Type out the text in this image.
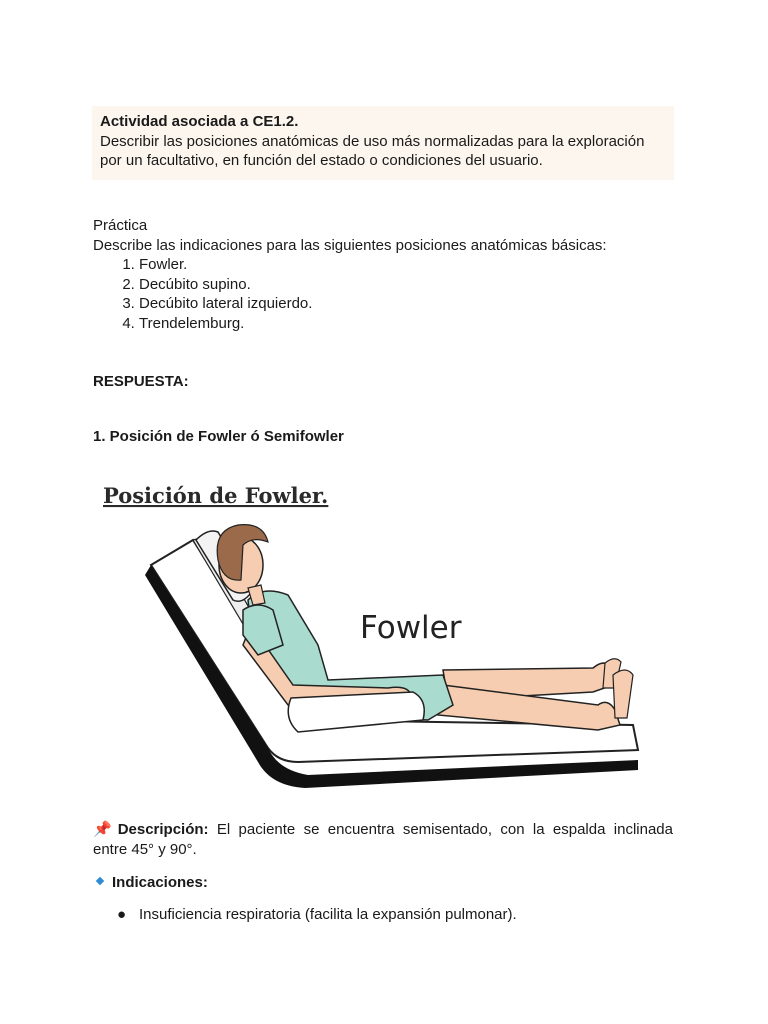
Actividad asociada a CE1.2.
Describir las posiciones anatómicas de uso más normalizadas para la exploración por un facultativo, en función del estado o condiciones del usuario.
Práctica
Describe las indicaciones para las siguientes posiciones anatómicas básicas:
1. Fowler.
2. Decúbito supino.
3. Decúbito lateral izquierdo.
4. Trendelemburg.
RESPUESTA:
1. Posición de Fowler ó Semifowler
Posición de Fowler.
Fowler
📌 Descripción: El paciente se encuentra semisentado, con la espalda inclinada entre 45° y 90°.
Indicaciones:
● Insuficiencia respiratoria (facilita la expansión pulmonar).
